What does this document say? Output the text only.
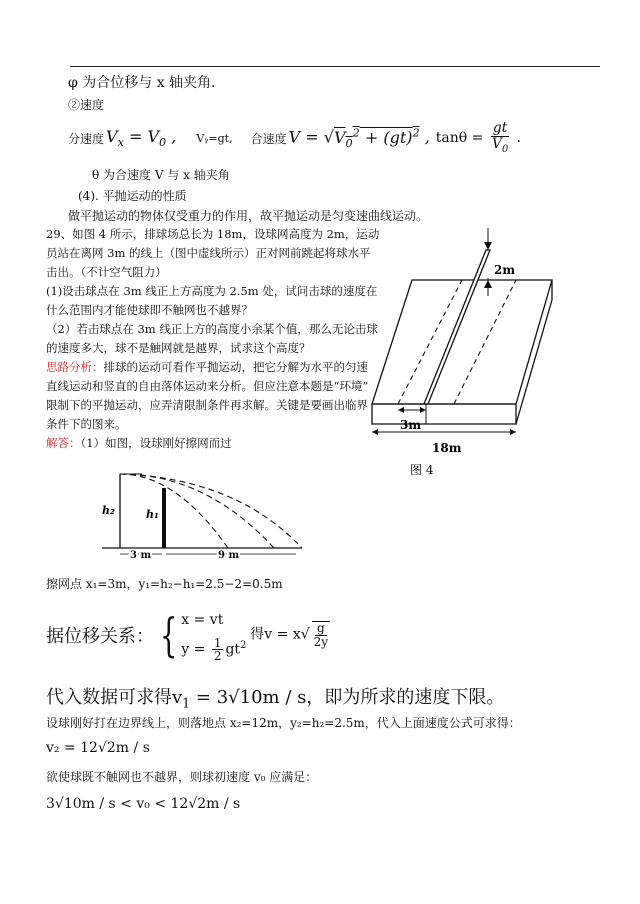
φ 为合位移与 x 轴夹角.
②速度
分速度 $V_x = V_0$ , Vᵧ=gt, 合速度 $V = √V_0^2 + (gt)^2$ , $\tan\theta = \frac{gt}{V_0}$ .
θ 为合速度 V 与 x 轴夹角
(4). 平抛运动的性质
做平抛运动的物体仅受重力的作用，故平抛运动是匀变速曲线运动。
29、如图 4 所示，排球场总长为 18m，设球网高度为 2m，运动
员站在离网 3m 的线上（图中虚线所示）正对网前跳起将球水平
击出。（不计空气阻力）
(1)设击球点在 3m 线正上方高度为 2.5m 处，试问击球的速度在
什么范围内才能使球即不触网也不越界？
（2）若击球点在 3m 线正上方的高度小余某个值，那么无论击球
的速度多大，球不是触网就是越界，试求这个高度？
思路分析：排球的运动可看作平抛运动，把它分解为水平的匀速
直线运动和竖直的自由落体运动来分析。但应注意本题是“环境”
限制下的平抛运动，应弄清限制条件再求解。关键是要画出临界
条件下的图来。
解答：（1）如图，设球刚好擦网而过
2m
3m
18m
图 4
h₂	h₁
3 m	9 m
擦网点 x₁=3m，y₁=h₂−h₁=2.5−2=0.5m
据位移关系： { x = vt
$y = \frac{1}{2} gt^2$
得$v = x√ \frac{g}{2y}$
代入数据可求得$v_1 = 3√10m / s$，即为所求的速度下限。
设球刚好打在边界线上，则落地点 x₂=12m，y₂=h₂=2.5m，代入上面速度公式可求得：
v₂ = 12√2m / s
欲使球既不触网也不越界，则球初速度 v₀ 应满足：
3√10m / s < v₀ < 12√2m / s
